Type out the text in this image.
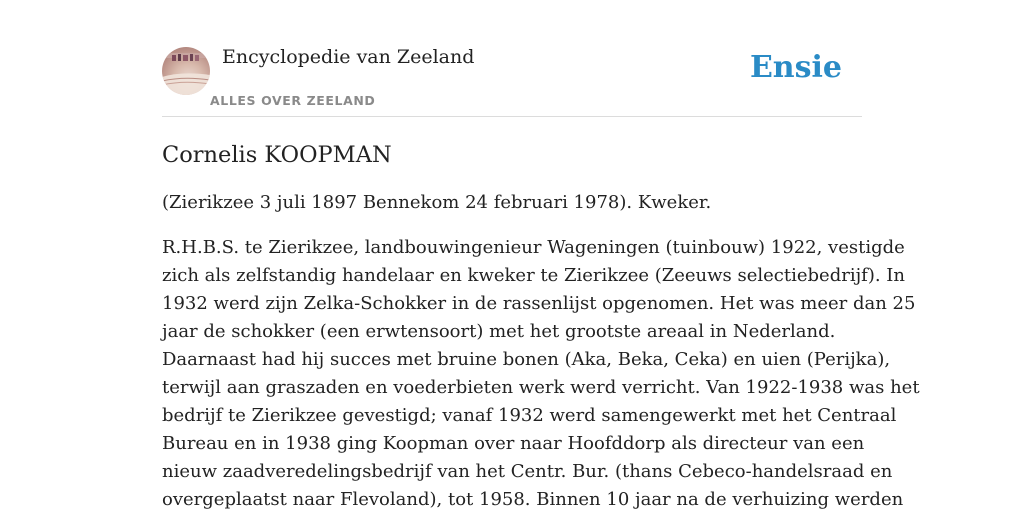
Encyclopedie van Zeeland
ALLES OVER ZEELAND
Ensie
Cornelis KOOPMAN

(Zierikzee 3 juli 1897 Bennekom 24 februari 1978). Kweker.

R.H.B.S. te Zierikzee, landbouwingenieur Wageningen (tuinbouw) 1922, vestigde
zich als zelfstandig handelaar en kweker te Zierikzee (Zeeuws selectiebedrijf). In
1932 werd zijn Zelka-Schokker in de rassenlijst opgenomen. Het was meer dan 25
jaar de schokker (een erwtensoort) met het grootste areaal in Nederland.
Daarnaast had hij succes met bruine bonen (Aka, Beka, Ceka) en uien (Perijka),
terwijl aan graszaden en voederbieten werk werd verricht. Van 1922-1938 was het
bedrijf te Zierikzee gevestigd; vanaf 1932 werd samengewerkt met het Centraal
Bureau en in 1938 ging Koopman over naar Hoofddorp als directeur van een
nieuw zaadveredelingsbedrijf van het Centr. Bur. (thans Cebeco-handelsraad en
overgeplaatst naar Flevoland), tot 1958. Binnen 10 jaar na de verhuizing werden
